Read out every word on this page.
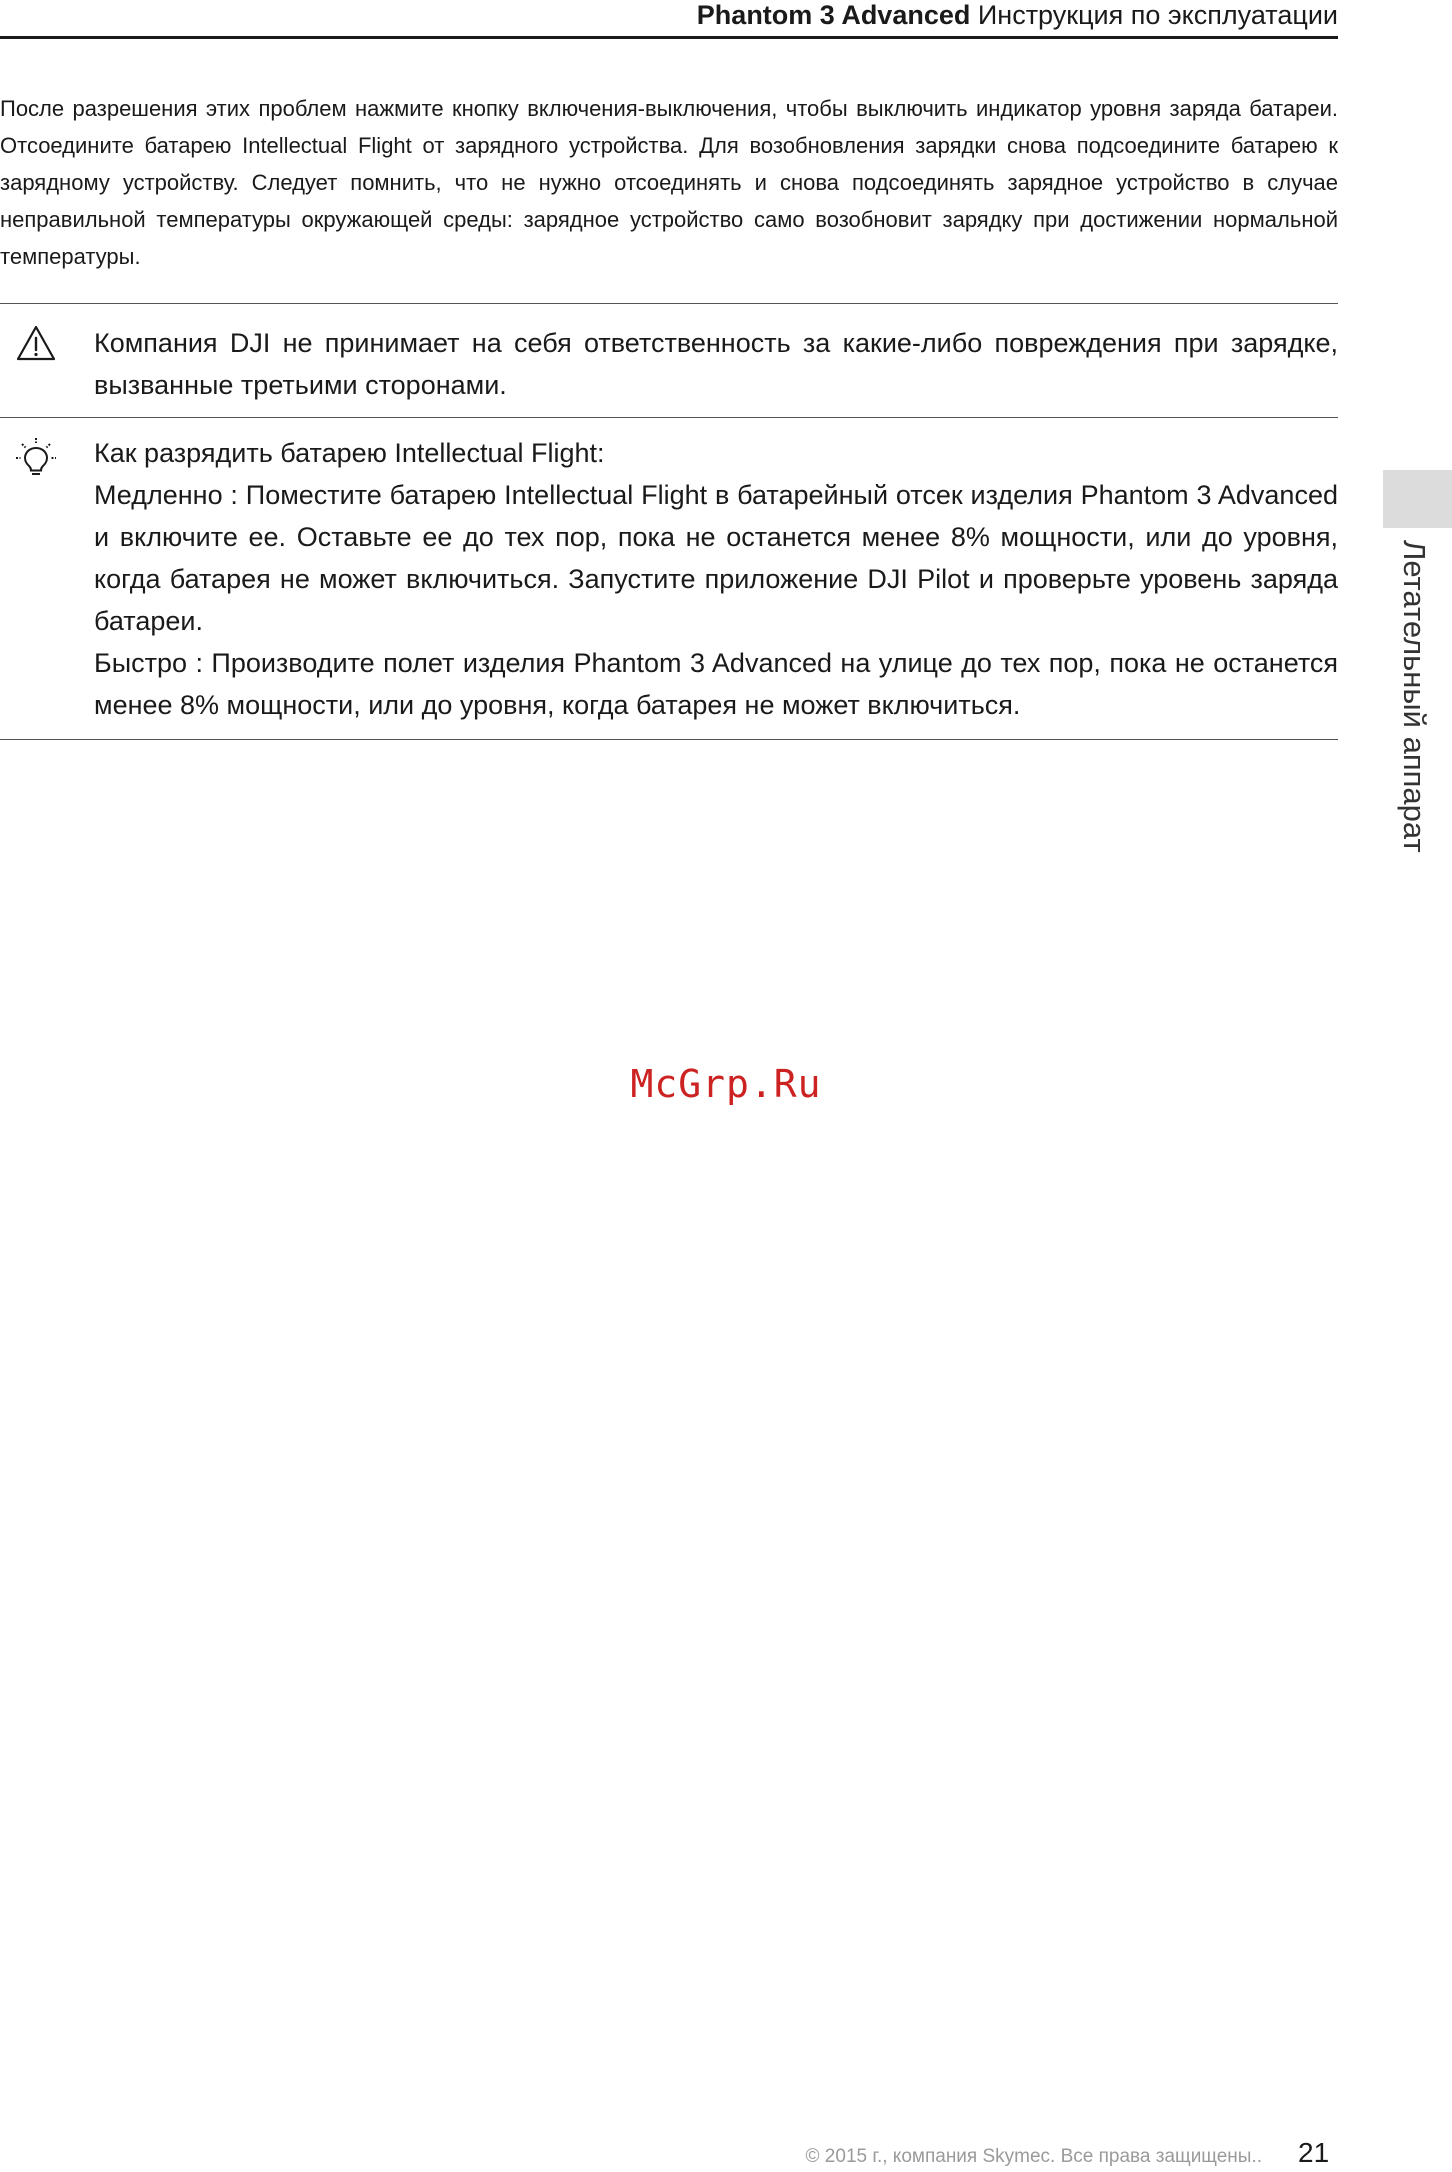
Phantom 3 Advanced Инструкция по эксплуатации
После разрешения этих проблем нажмите кнопку включения-выключения, чтобы выключить индикатор уровня заряда батареи. Отсоедините батарею Intellectual Flight от зарядного устройства. Для возобновления зарядки снова подсоедините батарею к зарядному устройству. Следует помнить, что не нужно отсоединять и снова подсоединять зарядное устройство в случае неправильной температуры окружающей среды: зарядное устройство само возобновит зарядку при достижении нормальной температуры.
Компания DJI не принимает на себя ответственность за какие-либо повреждения при зарядке, вызванные третьими сторонами.

Как разрядить батарею Intellectual Flight:

Медленно : Поместите батарею Intellectual Flight в батарейный отсек изделия Phantom 3 Advanced и включите ее. Оставьте ее до тех пор, пока не останется менее 8% мощности, или до уровня, когда батарея не может включиться. Запустите приложение DJI Pilot и проверьте уровень заряда батареи.

Быстро : Производите полет изделия Phantom 3 Advanced на улице до тех пор, пока не останется менее 8% мощности, или до уровня, когда батарея не может включиться.	Летательный аппарат
McGrp.Ru
© 2015 г., компания Skymec. Все права защищены.. 21
